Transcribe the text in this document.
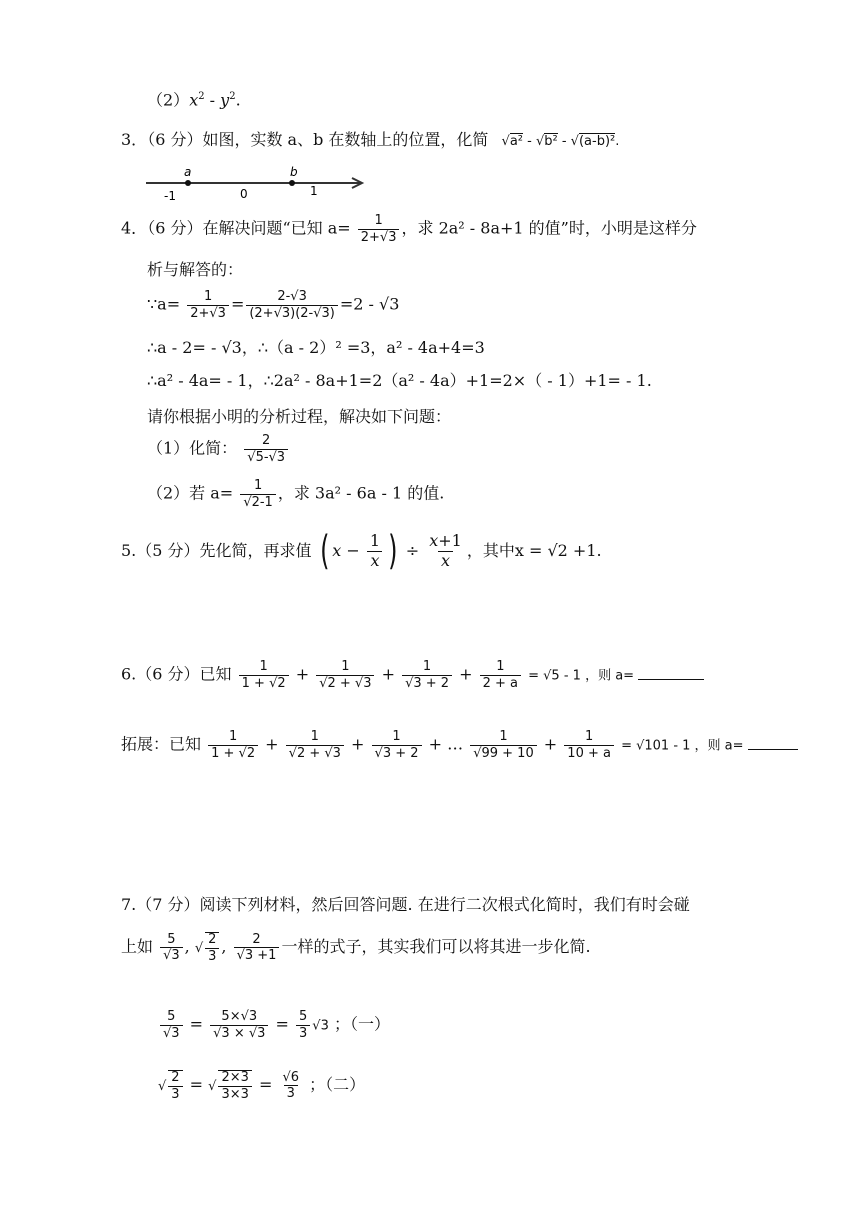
$(2)x^2 - y^2$.
3．（6 分）如图，实数 a、b 在数轴上的位置，化简 √a² - √b² - √(a-b)².
a	b
-1	0	1
4．（6 分）在解决问题“已知 $a= \frac{1}{2+√3}$ ，求 2a² - 8a+1 的值”时，小明是这样分
析与解答的：
∵a= $\frac{1}{2+√3} = \frac{2-√3}{(2+√3)(2-√3)} =2 - √3$
∴a - 2= - √3，∴（a - 2）² =3，a² - 4a+4=3
∴a² - 4a= - 1，∴2a² - 8a+1=2（a² - 4a）+1=2×（ - 1）+1= - 1.
请你根据小明的分析过程，解决如下问题：
（1）化简： $\frac{2}{√5-√3}$
（2）若 $a= \frac{1}{√2-1}$ ，求 3a² - 6a - 1 的值.
5.（5 分）先化简，再求值 ( $x - \frac{1}{x}$ ) ÷ $\frac{x+1}{x}$ ，其中x = √2 +1.
6.（6 分）已知 $\frac{1}{1 + √2} + \frac{1}{√2 + √3} + \frac{1}{√3 + 2} + \frac{1}{2 + a} = √5 - 1$ ，则 a=
拓展：已知 $\frac{1}{1 + √2} + \frac{1}{√2 + √3} + \frac{1}{√3 + 2}$ + … $\frac{1}{√99 + 10} + \frac{1}{10 + a} = √101 - 1$ ，则 a=
7.（7 分）阅读下列材料，然后回答问题. 在进行二次根式化简时，我们有时会碰
上如 $\frac{5}{√3}$ , √ $\frac{2}{3}$ , $\frac{2}{√3 +1}$ 一样的式子，其实我们可以将其进一步化简.
$\frac{5}{√3} = \frac{5\times√3}{√3 \times √3} = \frac{5}{3} √3$ ；（一）
√ $\frac{2}{3}$ = √ $\frac{2\times 3}{3\times 3} = \frac{√6}{3}$ ；（二）
